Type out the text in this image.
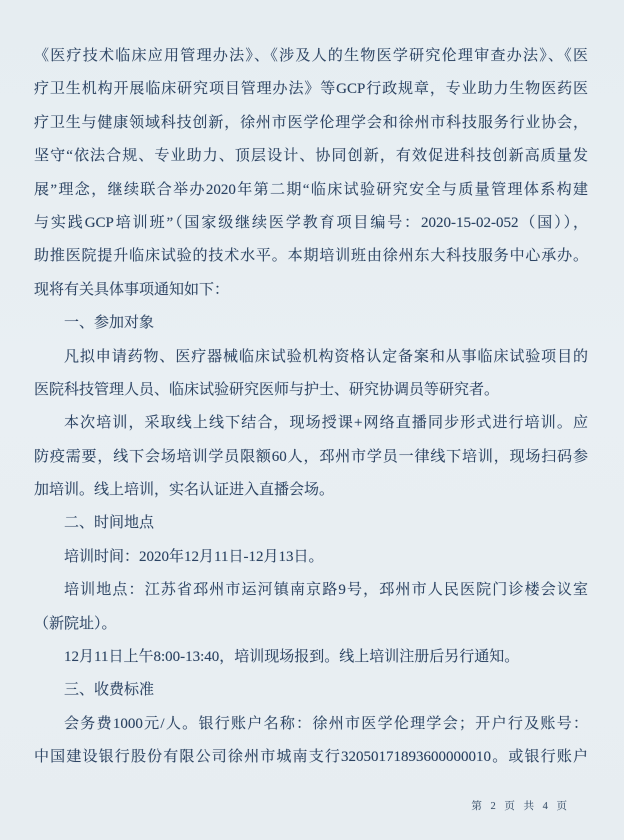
《医疗技术临床应用管理办法》、《涉及人的生物医学研究伦理审查办法》、《医
疗卫生机构开展临床研究项目管理办法》等GCP行政规章，专业助力生物医药医
疗卫生与健康领域科技创新，徐州市医学伦理学会和徐州市科技服务行业协会，
坚守“依法合规、专业助力、顶层设计、协同创新，有效促进科技创新高质量发
展”理念，继续联合举办2020年第二期“临床试验研究安全与质量管理体系构建
与实践GCP培训班”（国家级继续医学教育项目编号：2020-15-02-052（国）），
助推医院提升临床试验的技术水平。本期培训班由徐州东大科技服务中心承办。
现将有关具体事项通知如下：
一、参加对象
凡拟申请药物、医疗器械临床试验机构资格认定备案和从事临床试验项目的
医院科技管理人员、临床试验研究医师与护士、研究协调员等研究者。
本次培训，采取线上线下结合，现场授课+网络直播同步形式进行培训。应
防疫需要，线下会场培训学员限额60人，邳州市学员一律线下培训，现场扫码参
加培训。线上培训，实名认证进入直播会场。
二、时间地点
培训时间：2020年12月11日-12月13日。
培训地点：江苏省邳州市运河镇南京路9号，邳州市人民医院门诊楼会议室
（新院址）。
12月11日上午8:00-13:40，培训现场报到。线上培训注册后另行通知。
三、收费标准
会务费1000元/人。银行账户名称：徐州市医学伦理学会；开户行及账号：
中国建设银行股份有限公司徐州市城南支行32050171893600000010。或银行账户
第 2 页 共 4 页
